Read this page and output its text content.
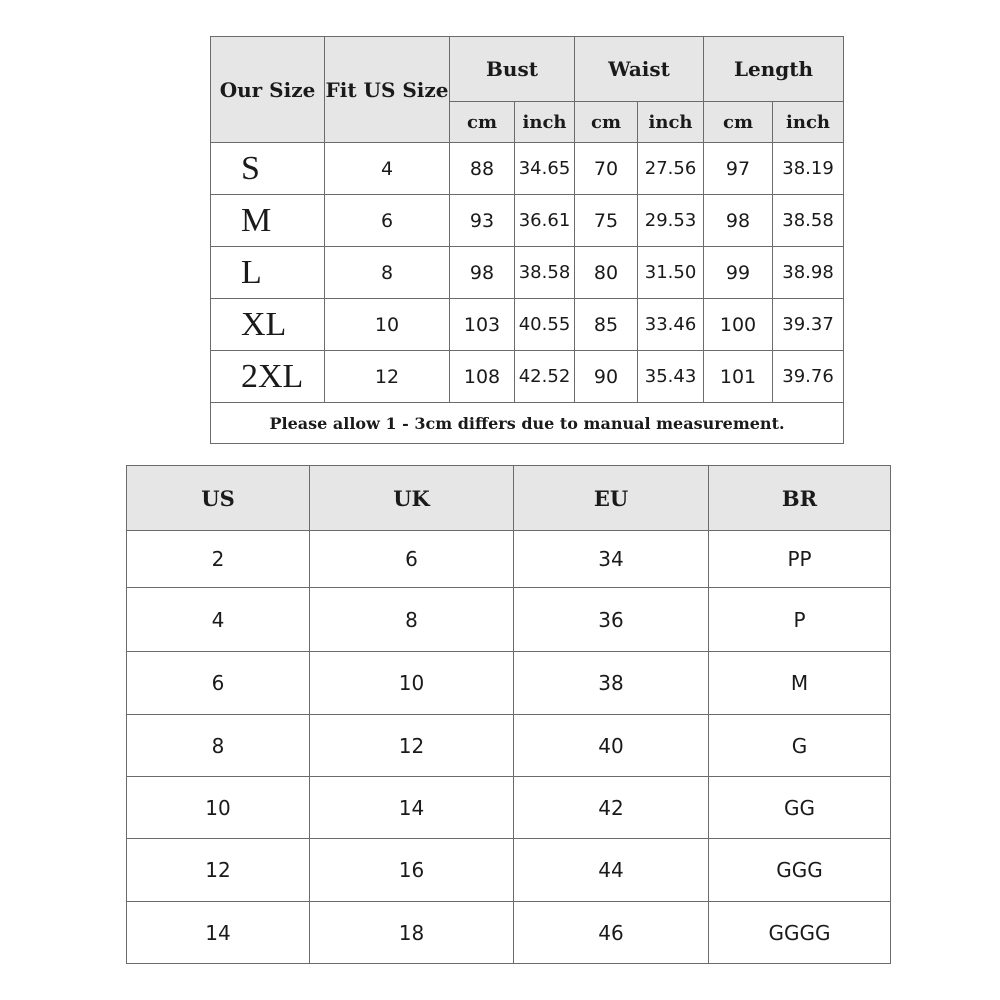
Our Size	Fit US Size	Bust		Waist		Length	
		cm	inch	cm	inch	cm	inch
S	4	88	34.65	70	27.56	97	38.19
M	6	93	36.61	75	29.53	98	38.58
L	8	98	38.58	80	31.50	99	38.98
XL	10	103	40.55	85	33.46	100	39.37
2XL	12	108	42.52	90	35.43	101	39.76
Please allow 1 - 3cm differs due to manual measurement.							
US	UK	EU	BR
2	6	34	PP
4	8	36	P
6	10	38	M
8	12	40	G
10	14	42	GG
12	16	44	GGG
14	18	46	GGGG
